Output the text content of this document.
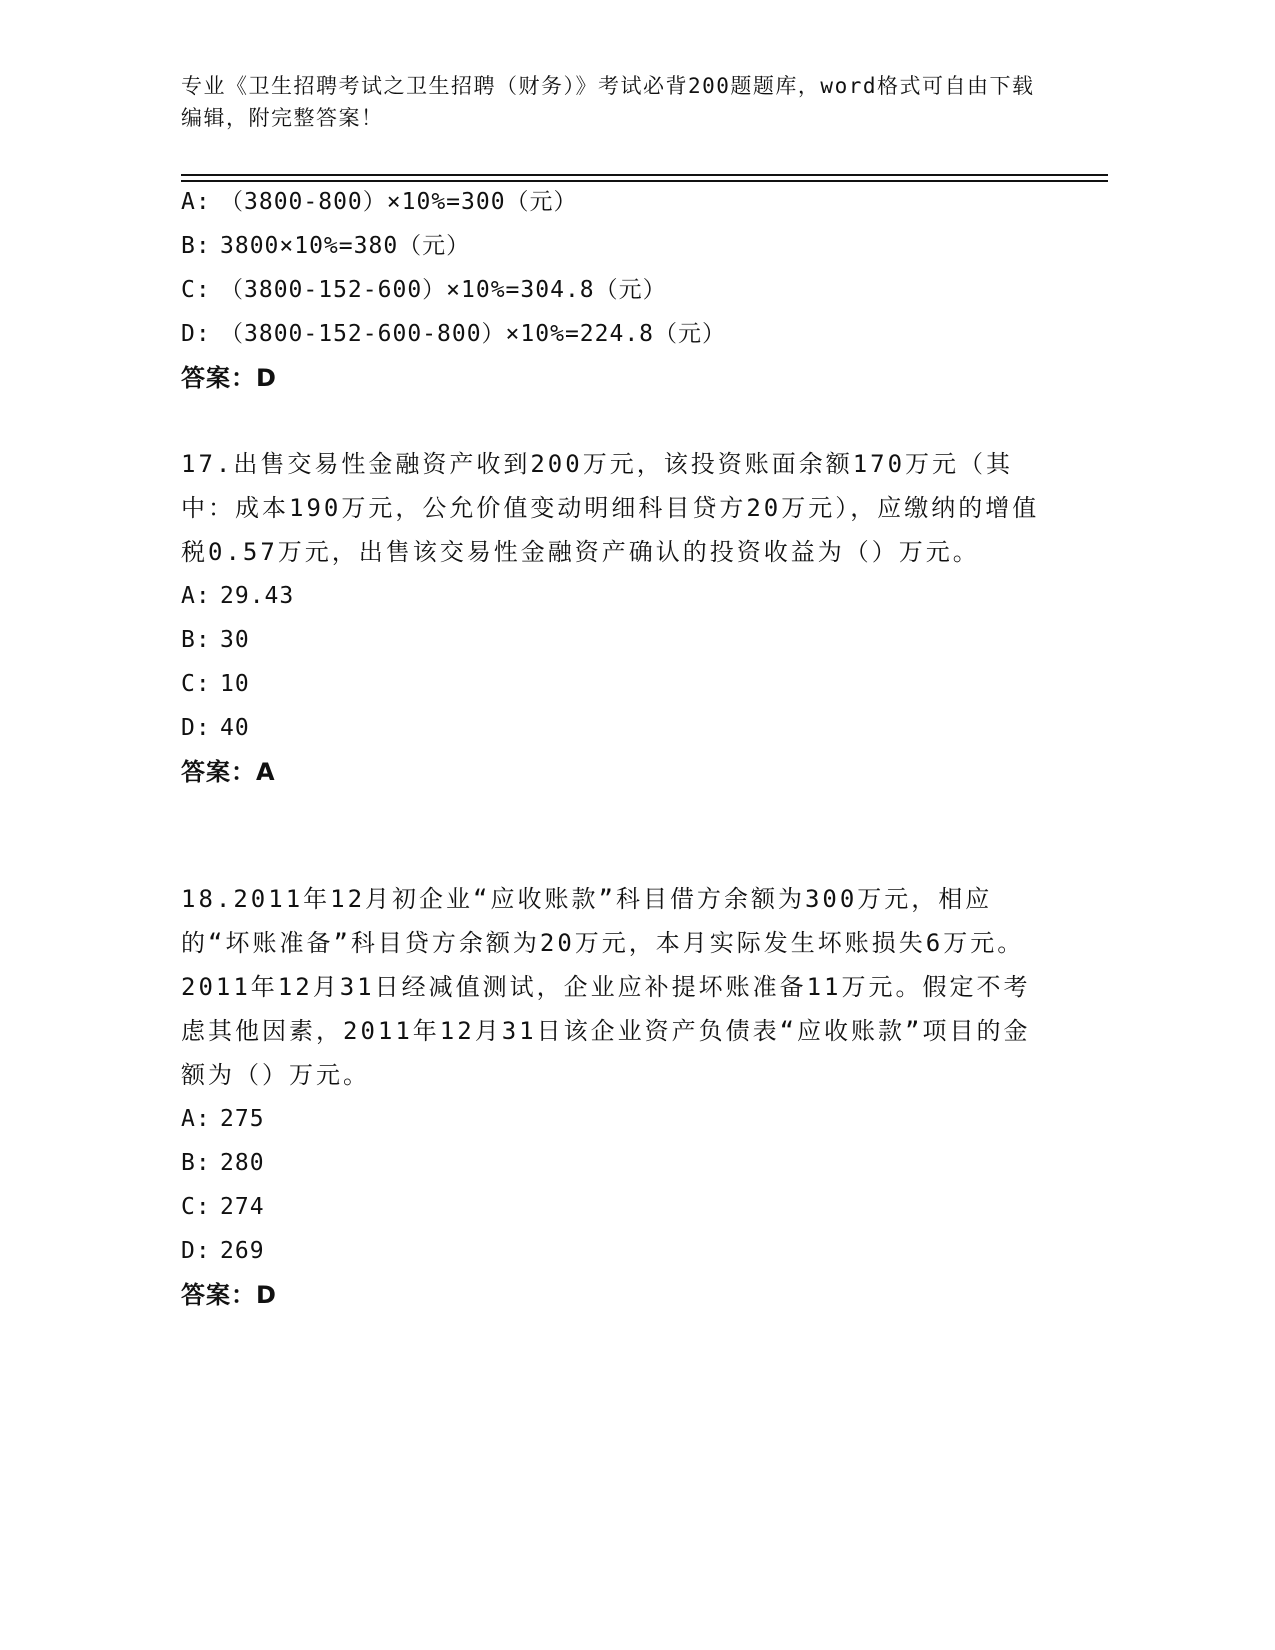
专业《卫生招聘考试之卫生招聘（财务）》考试必背200题题库，word格式可自由下载编辑，附完整答案！
A: （3800-800）×10%=300（元）
B: 3800×10%=380（元）
C: （3800-152-600）×10%=304.8（元）
D: （3800-152-600-800）×10%=224.8（元）
答案：D

17.出售交易性金融资产收到200万元，该投资账面余额170万元（其中：成本190万元，公允价值变动明细科目贷方20万元），应缴纳的增值税0.57万元，出售该交易性金融资产确认的投资收益为（）万元。

A: 29.43
B: 30
C: 10
D: 40
答案：A

18.2011年12月初企业“应收账款”科目借方余额为300万元，相应的“坏账准备”科目贷方余额为20万元，本月实际发生坏账损失6万元。2011年12月31日经减值测试，企业应补提坏账准备11万元。假定不考虑其他因素，2011年12月31日该企业资产负债表“应收账款”项目的金额为（）万元。

A: 275
B: 280
C: 274
D: 269
答案：D
